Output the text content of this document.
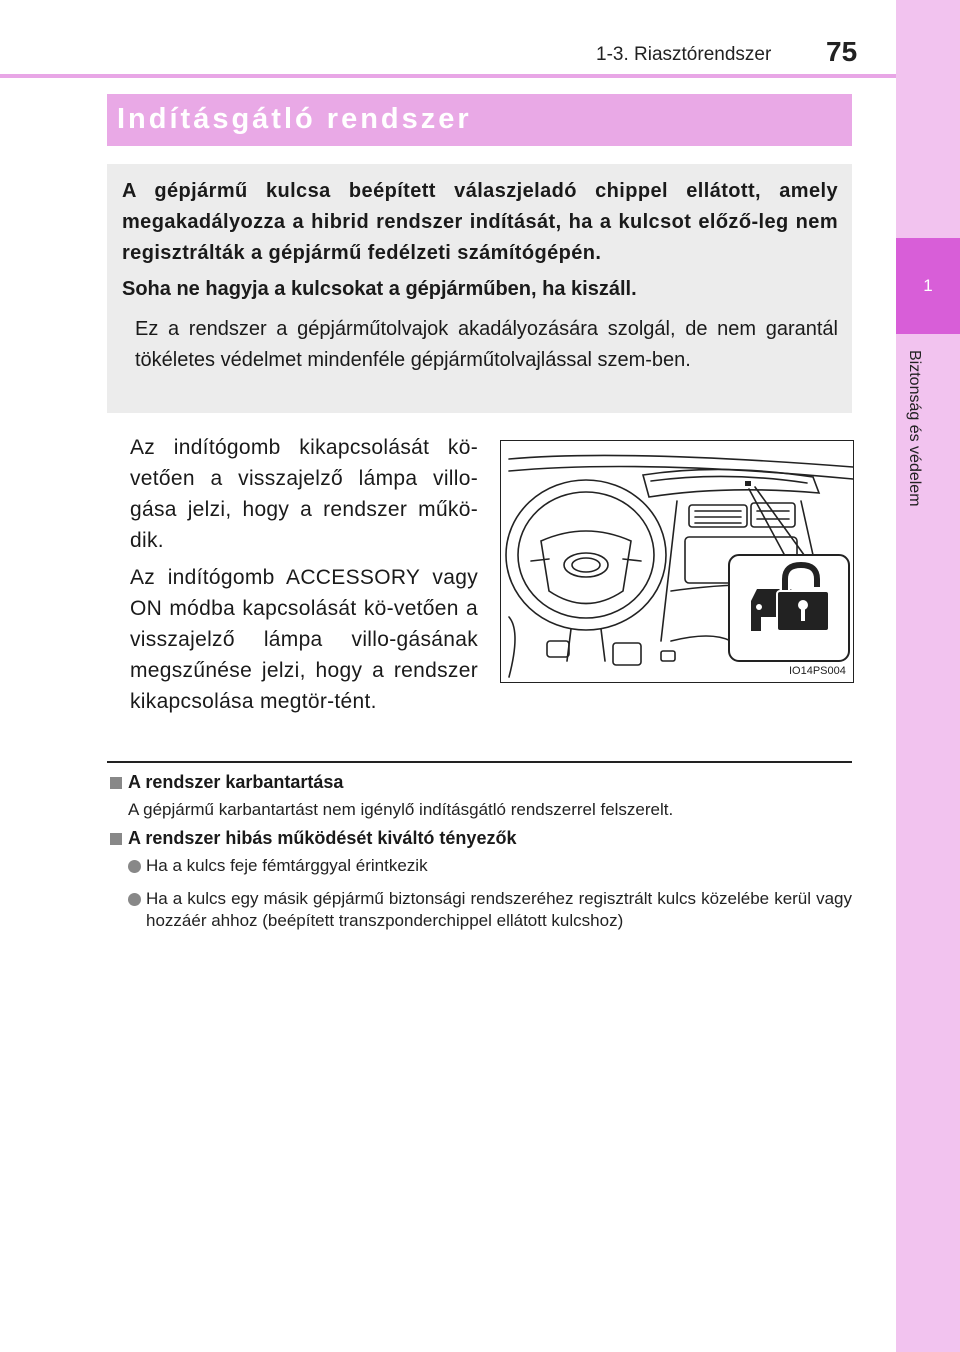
1-3. Riasztórendszer 75
1
Biztonság és védelem
Indításgátló rendszer
A gépjármű kulcsa beépített válaszjeladó chippel ellátott, amely megakadályozza a hibrid rendszer indítását, ha a kulcsot előző-leg nem regisztrálták a gépjármű fedélzeti számítógépén.
Soha ne hagyja a kulcsokat a gépjárműben, ha kiszáll.
Ez a rendszer a gépjárműtolvajok akadályozására szolgál, de nem garantál tökéletes védelmet mindenféle gépjárműtolvajlással szem-ben.
Az indítógomb kikapcsolását kö-vetően a visszajelző lámpa villo-gása jelzi, hogy a rendszer műkö-dik.
Az indítógomb ACCESSORY vagy ON módba kapcsolását kö-vetően a visszajelző lámpa villo-gásának megszűnése jelzi, hogy a rendszer kikapcsolása megtör-tént.
IO14PS004
A rendszer karbantartása
A gépjármű karbantartást nem igénylő indításgátló rendszerrel felszerelt.
A rendszer hibás működését kiváltó tényezők
Ha a kulcs feje fémtárggyal érintkezik
Ha a kulcs egy másik gépjármű biztonsági rendszeréhez regisztrált kulcs közelébe kerül vagy hozzáér ahhoz (beépített transzponderchippel ellátott kulcshoz)
